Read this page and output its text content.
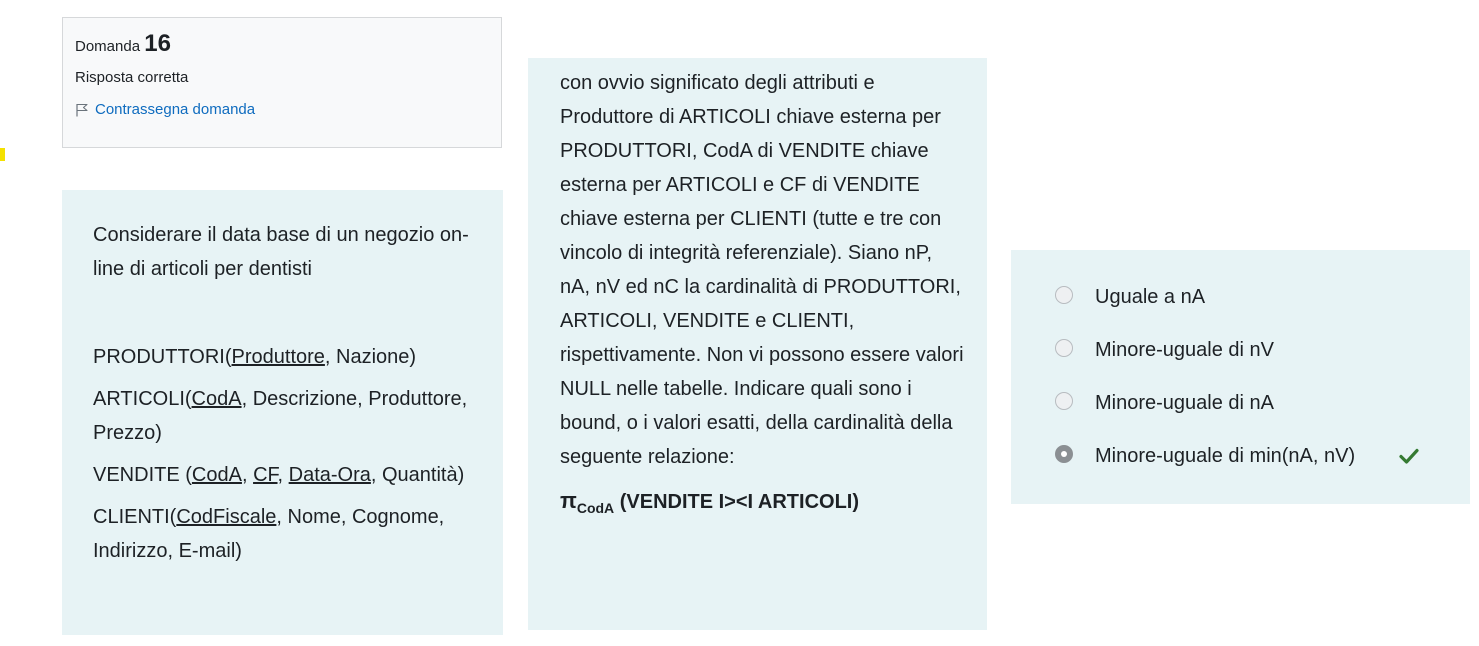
Domanda 16
Risposta corretta
Contrassegna domanda

Considerare il data base di un negozio on-line di articoli per dentisti

PRODUTTORI(Produttore, Nazione)

ARTICOLI(CodA, Descrizione, Produttore, Prezzo)

VENDITE (CodA, CF, Data-Ora, Quantità)

CLIENTI(CodFiscale, Nome, Cognome, Indirizzo, E-mail)

con ovvio significato degli attributi e Produttore di ARTICOLI chiave esterna per PRODUTTORI, CodA di VENDITE chiave esterna per ARTICOLI e CF di VENDITE chiave esterna per CLIENTI (tutte e tre con vincolo di integrità referenziale). Siano nP, nA, nV ed nC la cardinalità di PRODUTTORI, ARTICOLI, VENDITE e CLIENTI, rispettivamente. Non vi possono essere valori NULL nelle tabelle. Indicare quali sono i bound, o i valori esatti, della cardinalità della seguente relazione:

$\pi_{CodA}$ (VENDITE I><I ARTICOLI)
Uguale a nA
Minore-uguale di nV
Minore-uguale di nA
Minore-uguale di min(nA, nV)
